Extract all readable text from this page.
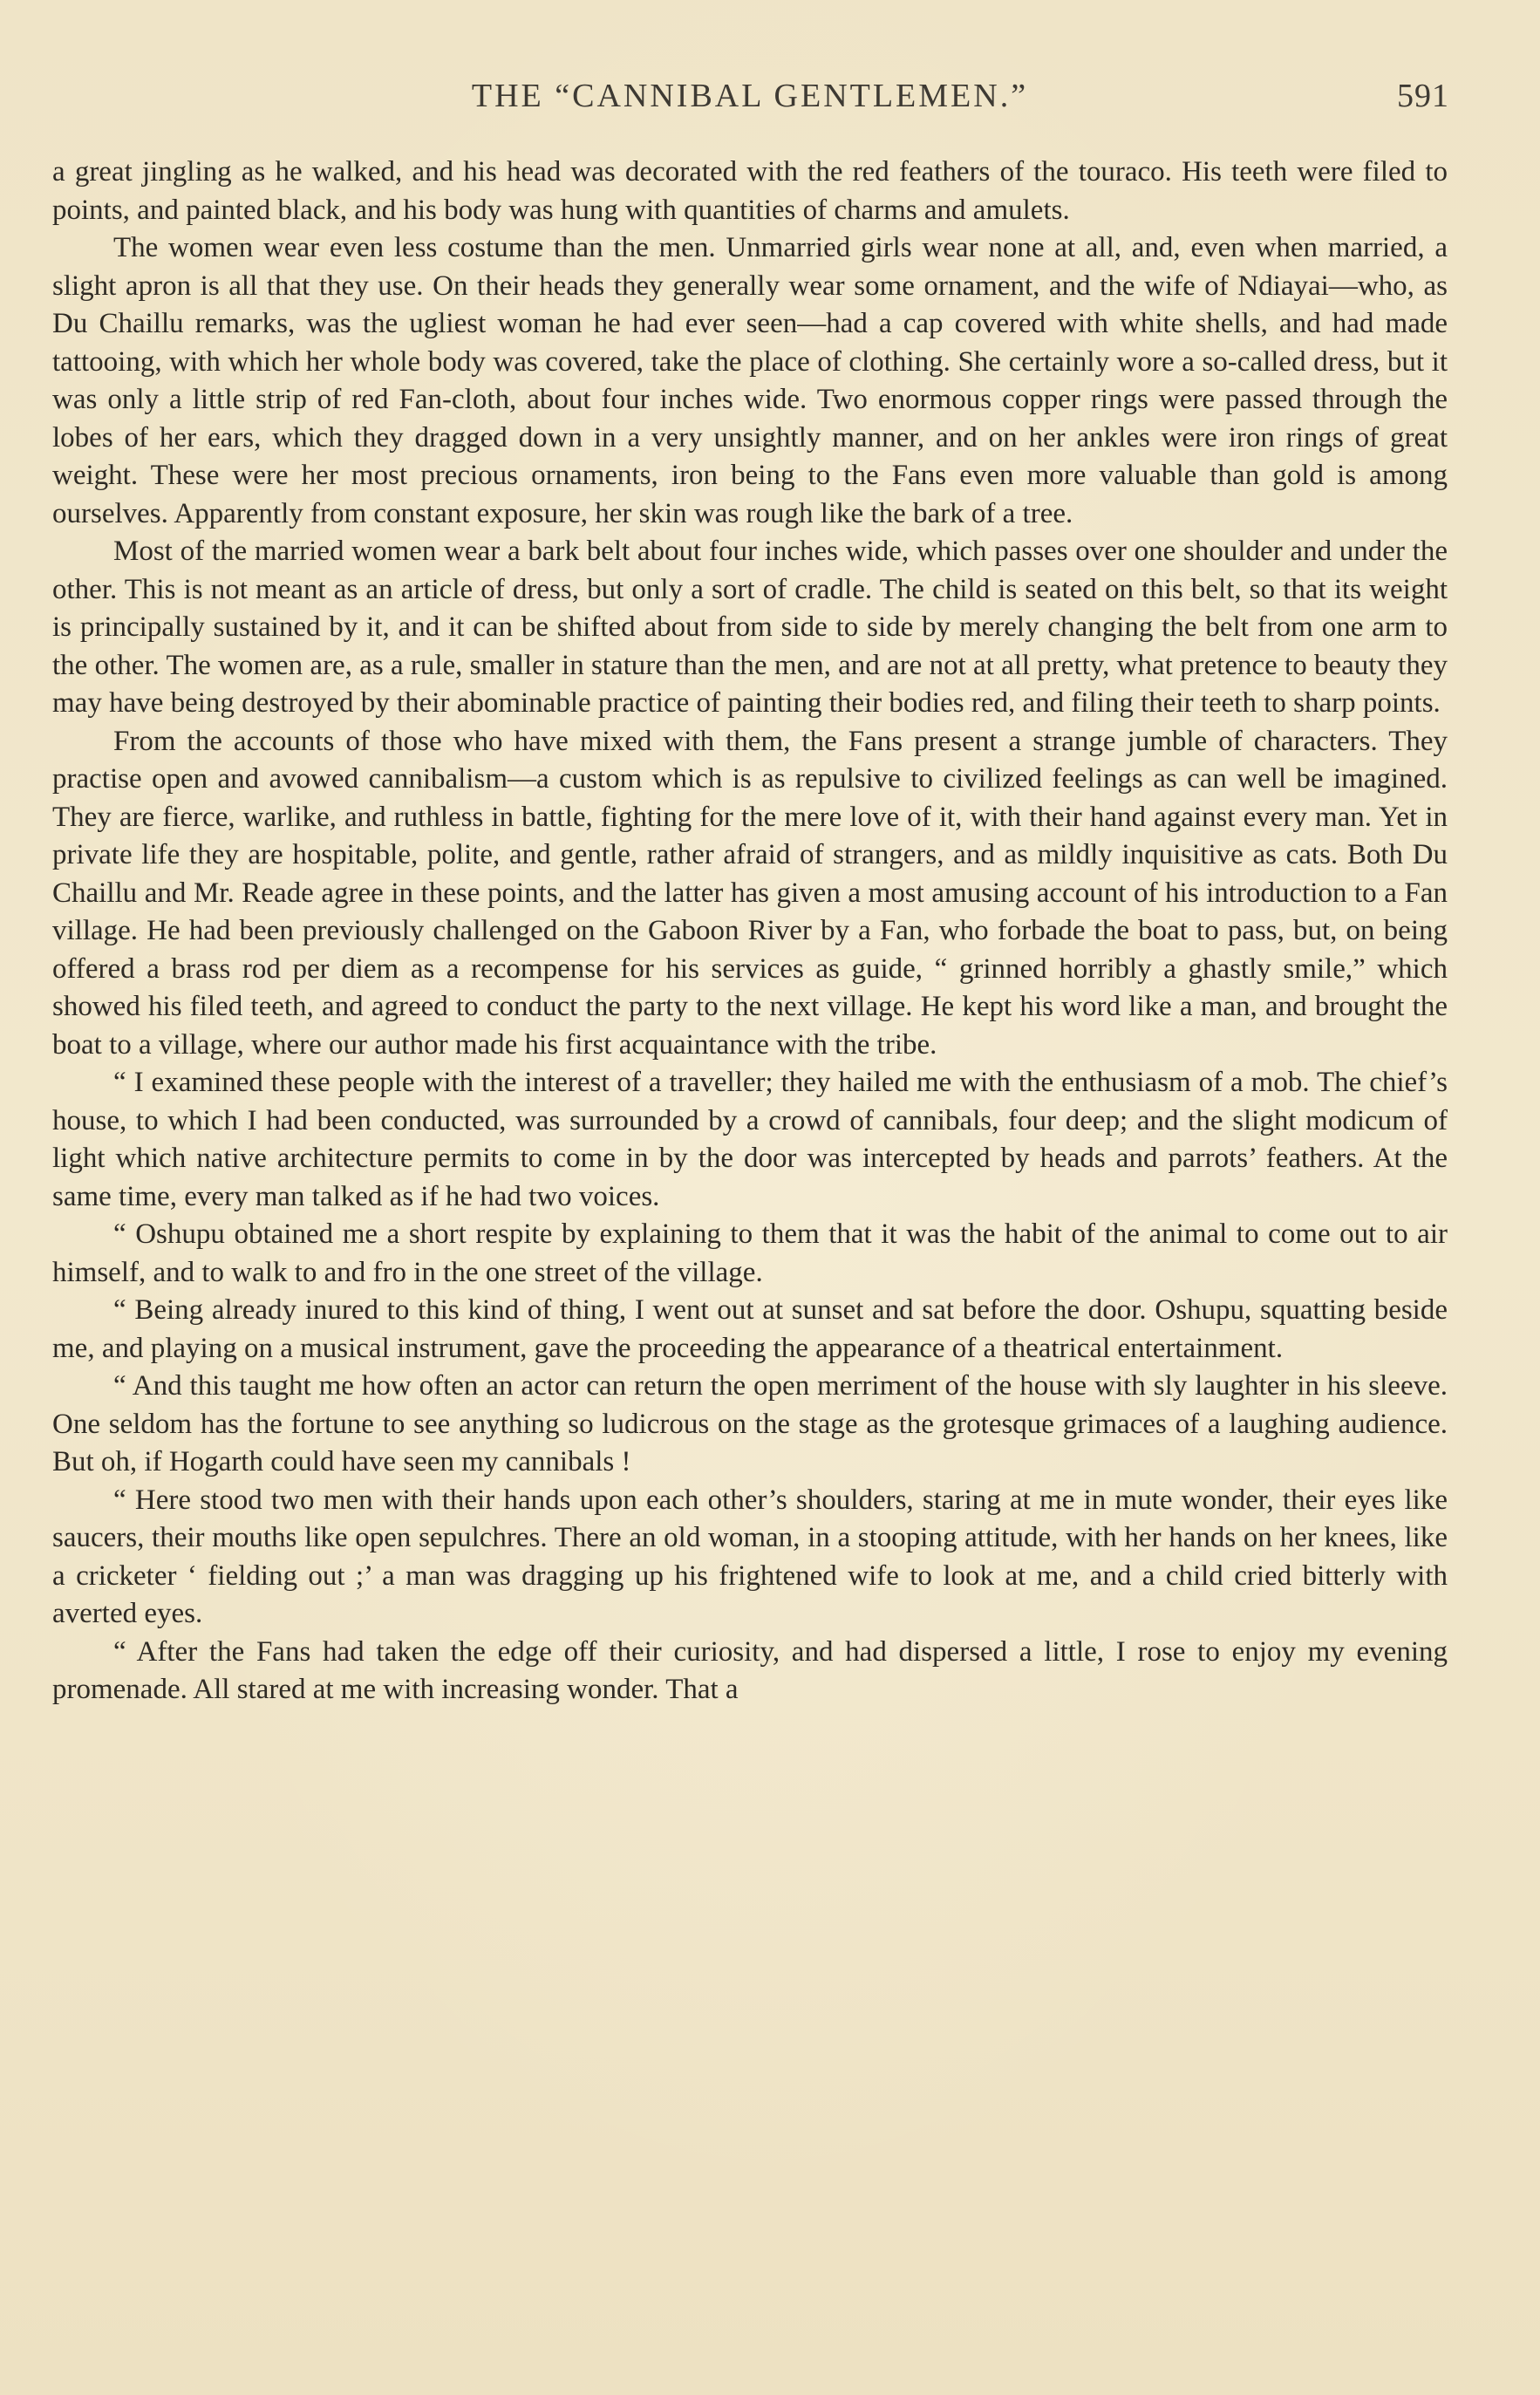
THE “CANNIBAL GENTLEMEN.”	591

a great jingling as he walked, and his head was decorated with the red feathers of the touraco. His teeth were filed to points, and painted black, and his body was hung with quantities of charms and amulets.

The women wear even less costume than the men. Unmarried girls wear none at all, and, even when married, a slight apron is all that they use. On their heads they generally wear some ornament, and the wife of Ndiayai—who, as Du Chaillu remarks, was the ugliest woman he had ever seen—had a cap covered with white shells, and had made tattooing, with which her whole body was covered, take the place of clothing. She certainly wore a so-called dress, but it was only a little strip of red Fan-cloth, about four inches wide. Two enormous copper rings were passed through the lobes of her ears, which they dragged down in a very unsightly manner, and on her ankles were iron rings of great weight. These were her most precious ornaments, iron being to the Fans even more valuable than gold is among ourselves. Apparently from constant exposure, her skin was rough like the bark of a tree.

Most of the married women wear a bark belt about four inches wide, which passes over one shoulder and under the other. This is not meant as an article of dress, but only a sort of cradle. The child is seated on this belt, so that its weight is principally sustained by it, and it can be shifted about from side to side by merely changing the belt from one arm to the other. The women are, as a rule, smaller in stature than the men, and are not at all pretty, what pretence to beauty they may have being destroyed by their abominable practice of painting their bodies red, and filing their teeth to sharp points.

From the accounts of those who have mixed with them, the Fans present a strange jumble of characters. They practise open and avowed cannibalism—a custom which is as repulsive to civilized feelings as can well be imagined. They are fierce, warlike, and ruthless in battle, fighting for the mere love of it, with their hand against every man. Yet in private life they are hospitable, polite, and gentle, rather afraid of strangers, and as mildly inquisitive as cats. Both Du Chaillu and Mr. Reade agree in these points, and the latter has given a most amusing account of his introduction to a Fan village. He had been previously challenged on the Gaboon River by a Fan, who forbade the boat to pass, but, on being offered a brass rod per diem as a recompense for his services as guide, “ grinned horribly a ghastly smile,” which showed his filed teeth, and agreed to conduct the party to the next village. He kept his word like a man, and brought the boat to a village, where our author made his first acquaintance with the tribe.

“ I examined these people with the interest of a traveller; they hailed me with the enthusiasm of a mob. The chief’s house, to which I had been conducted, was surrounded by a crowd of cannibals, four deep; and the slight modicum of light which native architecture permits to come in by the door was intercepted by heads and parrots’ feathers. At the same time, every man talked as if he had two voices.

“ Oshupu obtained me a short respite by explaining to them that it was the habit of the animal to come out to air himself, and to walk to and fro in the one street of the village.

“ Being already inured to this kind of thing, I went out at sunset and sat before the door. Oshupu, squatting beside me, and playing on a musical instrument, gave the proceeding the appearance of a theatrical entertainment.

“ And this taught me how often an actor can return the open merriment of the house with sly laughter in his sleeve. One seldom has the fortune to see anything so ludicrous on the stage as the grotesque grimaces of a laughing audience. But oh, if Hogarth could have seen my cannibals !

“ Here stood two men with their hands upon each other’s shoulders, staring at me in mute wonder, their eyes like saucers, their mouths like open sepulchres. There an old woman, in a stooping attitude, with her hands on her knees, like a cricketer ‘ fielding out ;’ a man was dragging up his frightened wife to look at me, and a child cried bitterly with averted eyes.

“ After the Fans had taken the edge off their curiosity, and had dispersed a little, I rose to enjoy my evening promenade. All stared at me with increasing wonder. That a
